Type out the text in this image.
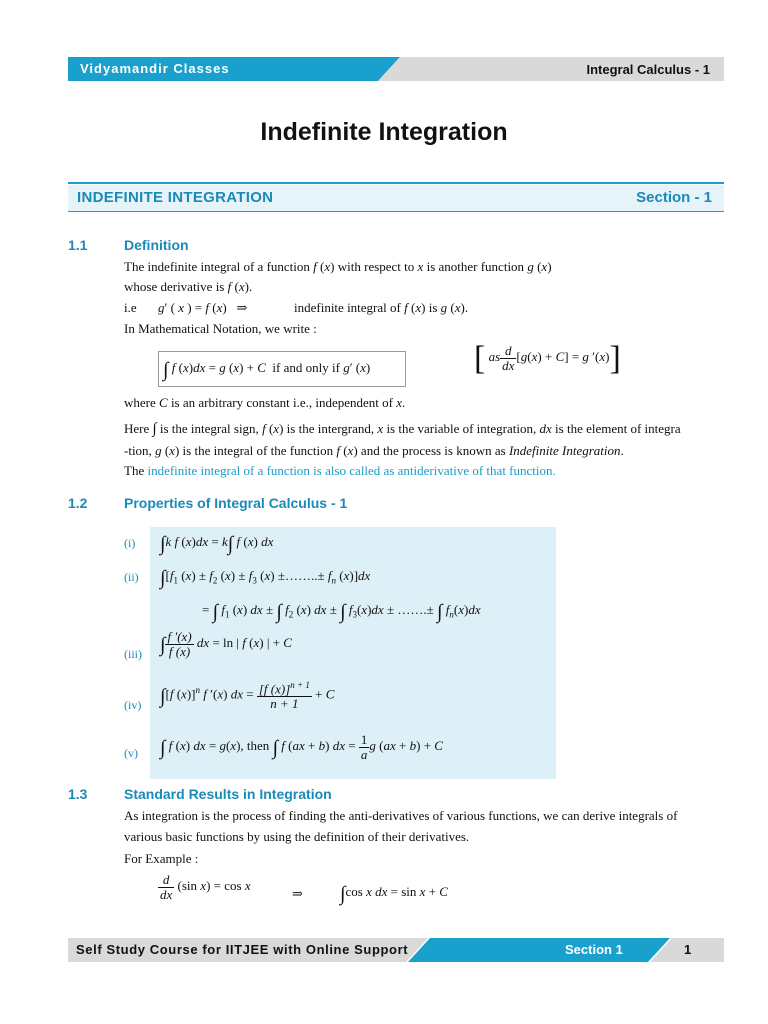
Vidyamandir Classes	Integral Calculus - 1
Indefinite Integration
INDEFINITE INTEGRATION	Section - 1
1.1	Definition
The indefinite integral of a function f (x) with respect to x is another function g (x)
whose derivative is f (x).
i.e g′ ( x ) = f (x)   ⇒	indefinite integral of f (x) is g (x).
In Mathematical Notation, we write :
∫ f (x)dx = g (x) + C if and only if g′ (x)	[ as $\frac{d}{dx} [g(x) + C] = g$ ′(x)]
where C is an arbitrary constant i.e., independent of x.
Here ∫ is the integral sign, f (x) is the intergrand, x is the variable of integration, dx is the element of integra
-tion, g (x) is the integral of the function f (x) and the process is known as Indefinite Integration.
The indefinite integral of a function is also called as antiderivative of that function.
1.2	Properties of Integral Calculus - 1
(i) ∫k f (x)dx = k∫ f (x) dx
(ii) $\int[f_1$ $(x) \pm f_2$ $(x) \pm f_3$ (x) ±……..± $f_n$ (x)]dx
= ∫ $f_1$ (x) dx ± ∫ $f_2$ (x) dx ± ∫ $f_3(x)dx$ ± …….± ∫ $f_n(x)dx$
(iii) ∫ $\frac{f '(x)}{f (x)}$ dx = ln | f (x) | + C
(iv) ∫[f (x)]$^n$ f ′(x) dx = $\frac{[f (x)]^{n + 1}}{n + 1} + C$
(v) ∫ f (x) dx = g(x), then ∫ f (ax + b) dx = $\frac{1}{a}$ g (ax + b) + C
1.3	Standard Results in Integration
As integration is the process of finding the anti-derivatives of various functions, we can derive integrals of
various basic functions by using the definition of their derivatives.
For Example :
$\frac{d}{dx} (\sin$ x) = cos x
⇒ ∫cos x dx = sin x + C
Self Study Course for IITJEE with Online Support	Section 1	1
